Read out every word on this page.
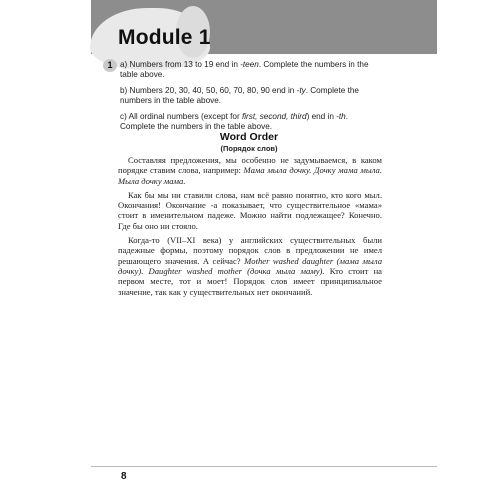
Module 1
1 a) Numbers from 13 to 19 end in -teen. Complete the numbers in the table above.

b) Numbers 20, 30, 40, 50, 60, 70, 80, 90 end in -ty. Complete the numbers in the table above.

c) All ordinal numbers (except for first, second, third) end in -th. Complete the numbers in the table above.

Word Order
(Порядок слов)

Составляя предложения, мы особенно не задумываемся, в каком порядке ставим слова, например: Мама мыла дочку. Дочку мама мыла. Мыла дочку мама.

Как бы мы ни ставили слова, нам всё равно понятно, кто кого мыл. Окончания! Окончание -а показывает, что существительное «мама» стоит в именительном падеже. Можно найти подлежащее? Конечно. Где бы оно ни стояло.

Когда-то (VII–XI века) у английских существительных были падежные формы, поэтому порядок слов в предложении не имел решающего значения. А сейчас? Mother washed daughter (мама мыла дочку). Daughter washed mother (дочка мыла маму). Кто стоит на первом месте, тот и моет! Порядок слов имеет принципиальное значение, так как у существительных нет окончаний.

8
